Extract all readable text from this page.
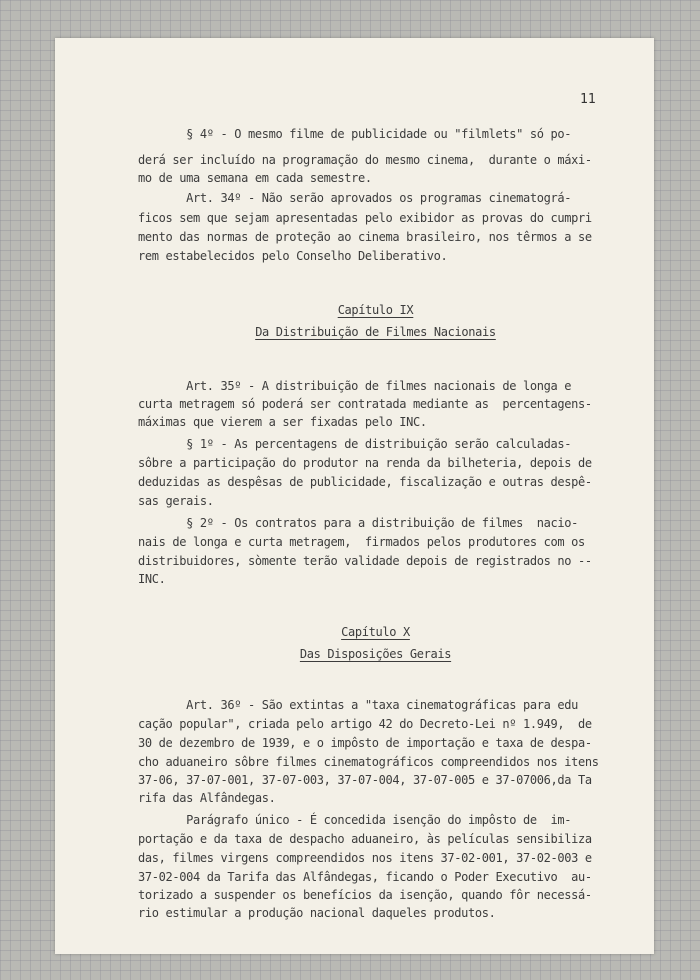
11
§ 4º - O mesmo filme de publicidade ou "filmlets" só po-
derá ser incluído na programação do mesmo cinema,  durante o máxi-
mo de uma semana em cada semestre.
Art. 34º - Não serão aprovados os programas cinematográ-
ficos sem que sejam apresentadas pelo exibidor as provas do cumpri
mento das normas de proteção ao cinema brasileiro, nos têrmos a se
rem estabelecidos pelo Conselho Deliberativo.
Capítulo IX
Da Distribuição de Filmes Nacionais
Art. 35º - A distribuição de filmes nacionais de longa e
curta metragem só poderá ser contratada mediante as  percentagens-
máximas que vierem a ser fixadas pelo INC.
§ 1º - As percentagens de distribuição serão calculadas-
sôbre a participação do produtor na renda da bilheteria, depois de
deduzidas as despêsas de publicidade, fiscalização e outras despê-
sas gerais.
§ 2º - Os contratos para a distribuição de filmes  nacio-
nais de longa e curta metragem,  firmados pelos produtores com os
distribuidores, sòmente terão validade depois de registrados no --
INC.
Capítulo X
Das Disposições Gerais
Art. 36º - São extintas a "taxa cinematográficas para edu
cação popular", criada pelo artigo 42 do Decreto-Lei nº 1.949,  de
30 de dezembro de 1939, e o impôsto de importação e taxa de despa-
cho aduaneiro sôbre filmes cinematográficos compreendidos nos itens
37-06, 37-07-001, 37-07-003, 37-07-004, 37-07-005 e 37-07006,da Ta
rifa das Alfândegas.
Parágrafo único - É concedida isenção do impôsto de  im-
portação e da taxa de despacho aduaneiro, às películas sensibiliza
das, filmes virgens compreendidos nos itens 37-02-001, 37-02-003 e
37-02-004 da Tarifa das Alfândegas, ficando o Poder Executivo  au-
torizado a suspender os benefícios da isenção, quando fôr necessá-
rio estimular a produção nacional daqueles produtos.
